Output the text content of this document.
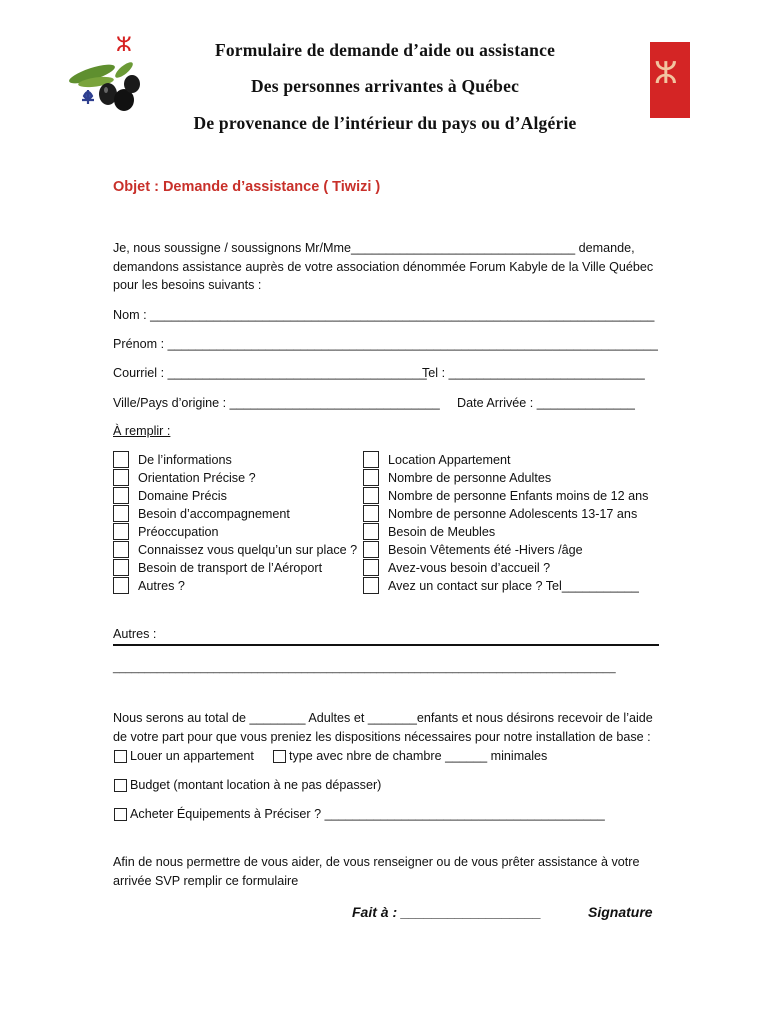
ⵣ
ⵣ
Formulaire de demande d’aide ou assistance
Des personnes arrivantes à Québec
De provenance de l’intérieur du pays ou d’Algérie
Objet : Demande d’assistance ( Tiwizi )
Je, nous soussigne / soussignons Mr/Mme________________________________ demande,
demandons assistance auprès de votre association dénommée Forum Kabyle de la Ville Québec
pour les besoins suivants :
Nom : ________________________________________________________________________
Prénom : ______________________________________________________________________
Courriel : _____________________________________
Tel : ____________________________
Ville/Pays d’origine : ______________________________ Date Arrivée : ______________
À remplir :
De l’informations
Orientation Précise ?
Domaine Précis
Besoin d’accompagnement
Préoccupation
Connaissez vous quelqu’un sur place ?
Besoin de transport de l’Aéroport
Autres ?
Location Appartement
Nombre de personne Adultes
Nombre de personne Enfants moins de 12 ans
Nombre de personne Adolescents 13-17 ans
Besoin de Meubles
Besoin Vêtements été -Hivers /âge
Avez-vous besoin d’accueil ?
Avez un contact sur place ? Tel___________
Autres :
________________________________________________________________________________
Nous serons au total de ________ Adultes et _______enfants et nous désirons recevoir de l’aide
de votre part pour que vous preniez les dispositions nécessaires pour notre installation de base :
Louer un appartement	type avec nbre de chambre ______ minimales
Budget (montant location à ne pas dépasser)
Acheter Équipements à Préciser ? ________________________________________
Afin de nous permettre de vous aider, de vous renseigner ou de vous prêter assistance à votre
arrivée SVP remplir ce formulaire
Fait à : __________________	Signature
